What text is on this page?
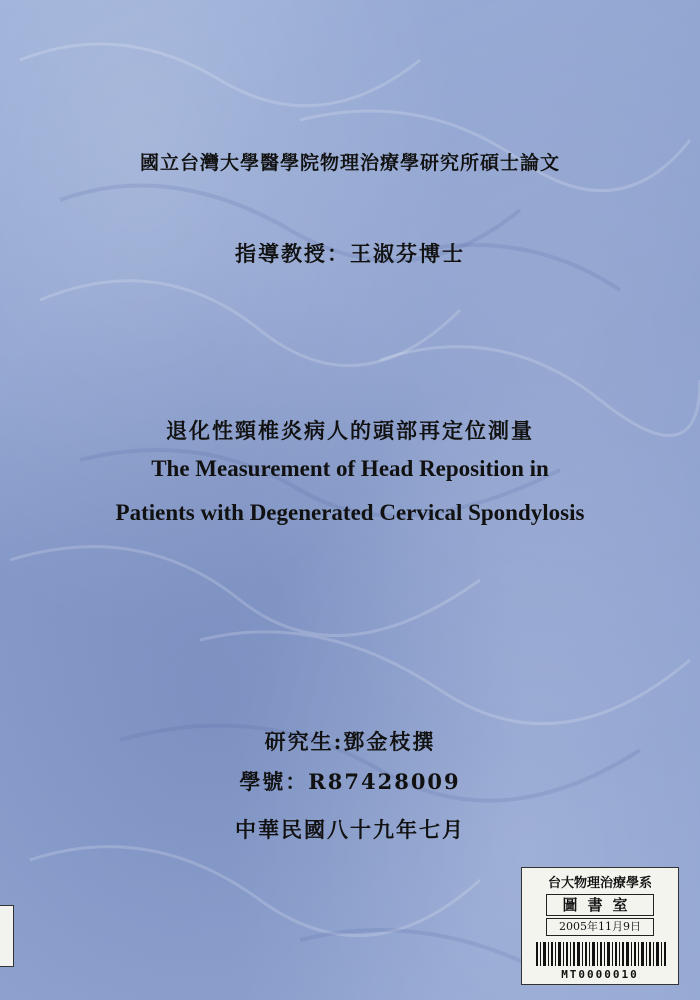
國立台灣大學醫學院物理治療學研究所碩士論文
指導教授：王淑芬博士
退化性頸椎炎病人的頭部再定位測量
The Measurement of Head Reposition in
Patients with Degenerated Cervical Spondylosis
研究生:鄧金枝撰
學號：R87428009
中華民國八十九年七月
台大物理治療學系
圖書室
2005年11月9日
MT0000010
